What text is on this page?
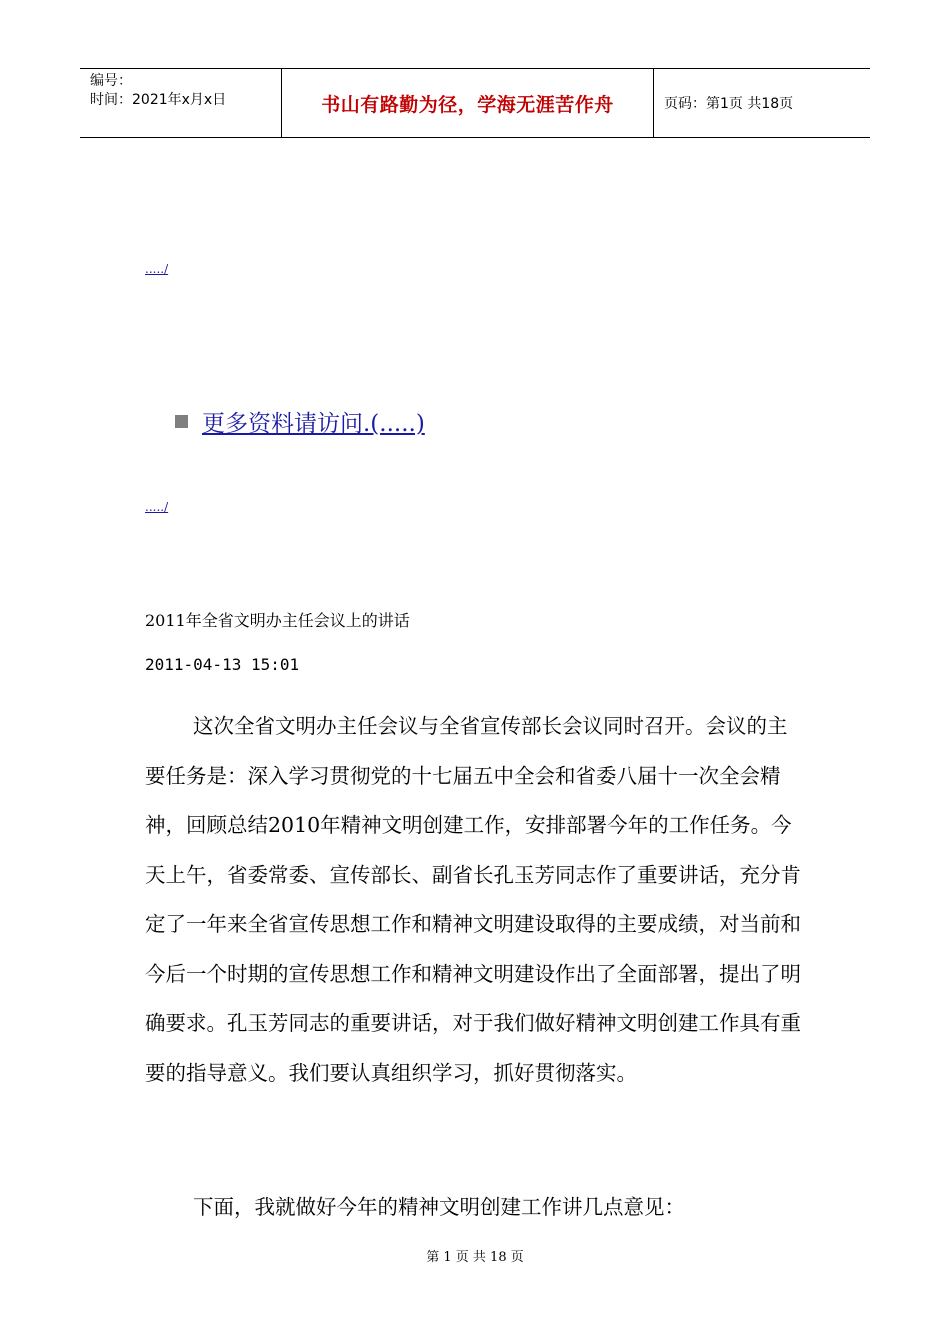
编号：
时间：2021年x月x日	书山有路勤为径，学海无涯苦作舟	页码：第1页 共18页
...../
更多资料请访问.(.....)
...../
2011年全省文明办主任会议上的讲话
2011-04-13 15:01

这次全省文明办主任会议与全省宣传部长会议同时召开。会议的主要任务是：深入学习贯彻党的十七届五中全会和省委八届十一次全会精神，回顾总结2010年精神文明创建工作，安排部署今年的工作任务。今天上午，省委常委、宣传部长、副省长孔玉芳同志作了重要讲话，充分肯定了一年来全省宣传思想工作和精神文明建设取得的主要成绩，对当前和今后一个时期的宣传思想工作和精神文明建设作出了全面部署，提出了明确要求。孔玉芳同志的重要讲话，对于我们做好精神文明创建工作具有重要的指导意义。我们要认真组织学习，抓好贯彻落实。

下面，我就做好今年的精神文明创建工作讲几点意见：

第 1 页 共 18 页
